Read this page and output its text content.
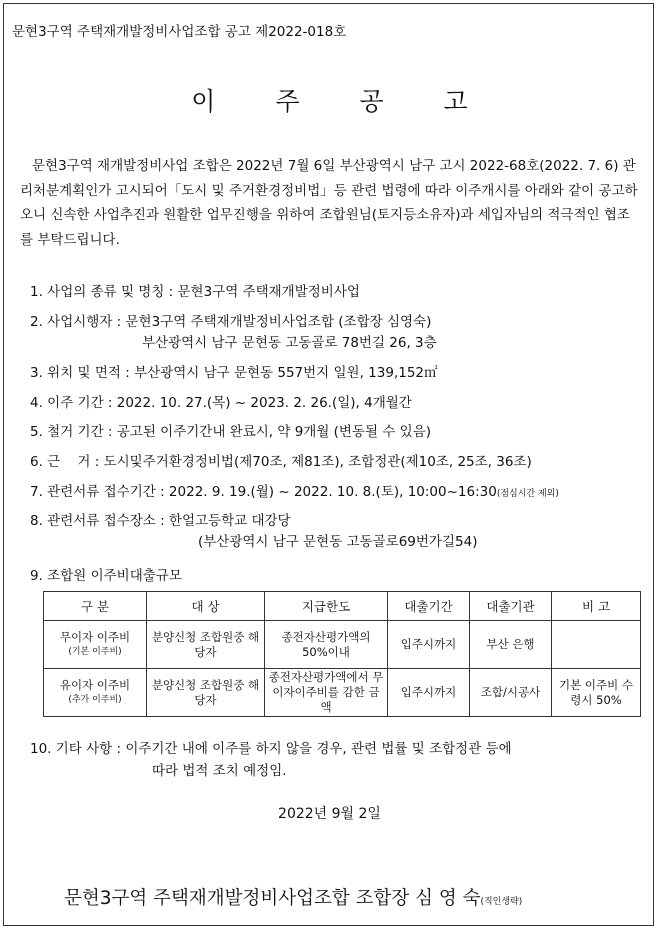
문현3구역 주택재개발정비사업조합 공고 제2022-018호
이 주 공 고

문현3구역 재개발정비사업 조합은 2022년 7월 6일 부산광역시 남구 고시 2022-68호(2022. 7. 6) 관리처분계획인가 고시되어「도시 및 주거환경정비법」등 관련 법령에 따라 이주개시를 아래와 같이 공고하오니 신속한 사업추진과 원활한 업무진행을 위하여 조합원님(토지등소유자)과 세입자님의 적극적인 협조를 부탁드립니다.

1. 사업의 종류 및 명칭 : 문현3구역 주택재개발정비사업
2. 사업시행자 : 문현3구역 주택재개발정비사업조합 (조합장 심영숙)
부산광역시 남구 문현동 고동골로 78번길 26, 3층
3. 위치 및 면적 : 부산광역시 남구 문현동 557번지 일원, 139,152㎡
4. 이주 기간 : 2022. 10. 27.(목) ~ 2023. 2. 26.(일), 4개월간
5. 철거 기간 : 공고된 이주기간내 완료시, 약 9개월 (변동될 수 있음)
6. 근    거 : 도시및주거환경정비법(제70조, 제81조), 조합정관(제10조, 25조, 36조)
7. 관련서류 접수기간 : 2022. 9. 19.(월) ~ 2022. 10. 8.(토), 10:00~16:30(점심시간 제외)
8. 관련서류 접수장소 : 한얼고등학교 대강당
(부산광역시 남구 문현동 고동골로69번가길54)
9. 조합원 이주비대출규모
구 분	대 상	지급한도	대출기간	대출기관	비 고
무이자 이주비
(기본 이주비)	분양신청 조합원중 해당자	종전자산평가액의 50%이내	입주시까지	부산 은행	
유이자 이주비
(추가 이주비)	분양신청 조합원중 해당자	종전자산평가액에서 무이자이주비를 감한 금액	입주시까지	조합/시공사	기본 이주비 수령시 50%
10. 기타 사항 : 이주기간 내에 이주를 하지 않을 경우, 관련 법률 및 조합정관 등에
따라 법적 조치 예정임.
2022년 9월 2일
문현3구역 주택재개발정비사업조합 조합장 심 영 숙(직인생략)
